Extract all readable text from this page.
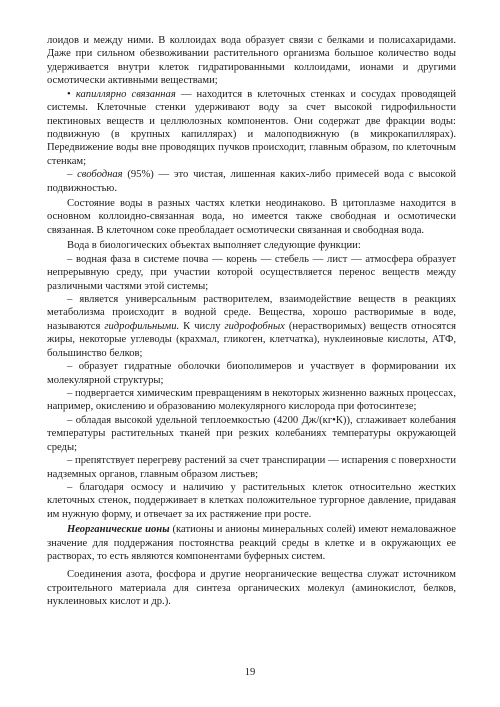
лоидов и между ними. В коллоидах вода образует связи с белками и полисахаридами. Даже при сильном обезвоживании растительного организма большое количество воды удерживается внутри клеток гидратированными коллоидами, ионами и другими осмотически активными веществами;

• капиллярно связанная — находится в клеточных стенках и сосудах проводящей системы. Клеточные стенки удерживают воду за счет высокой гидрофильности пектиновых веществ и целлюлозных компонентов. Они содержат две фракции воды: подвижную (в крупных капиллярах) и малоподвижную (в микрокапиллярах). Передвижение воды вне проводящих пучков происходит, главным образом, по клеточным стенкам;

– свободная (95%) — это чистая, лишенная каких-либо примесей вода с высокой подвижностью.

Состояние воды в разных частях клетки неодинаково. В цитоплазме находится в основном коллоидно-связанная вода, но имеется также свободная и осмотически связанная. В клеточном соке преобладает осмотически связанная и свободная вода.

Вода в биологических объектах выполняет следующие функции:

– водная фаза в системе почва — корень — стебель — лист — атмосфера образует непрерывную среду, при участии которой осуществляется перенос веществ между различными частями этой системы;

– является универсальным растворителем, взаимодействие веществ в реакциях метаболизма происходит в водной среде. Вещества, хорошо растворимые в воде, называются гидрофильными. К числу гидрофобных (нерастворимых) веществ относятся жиры, некоторые углеводы (крахмал, гликоген, клетчатка), нуклеиновые кислоты, АТФ, большинство белков;

– образует гидратные оболочки биополимеров и участвует в формировании их молекулярной структуры;

– подвергается химическим превращениям в некоторых жизненно важных процессах, например, окислению и образованию молекулярного кислорода при фотосинтезе;

– обладая высокой удельной теплоемкостью (4200 Дж/(кг•К)), сглаживает колебания температуры растительных тканей при резких колебаниях температуры окружающей среды;

– препятствует перегреву растений за счет транспирации — испарения с поверхности надземных органов, главным образом листьев;

– благодаря осмосу и наличию у растительных клеток относительно жестких клеточных стенок, поддерживает в клетках положительное тургорное давление, придавая им нужную форму, и отвечает за их растяжение при росте.

Неорганические ионы (катионы и анионы минеральных солей) имеют немаловажное значение для поддержания постоянства реакций среды в клетке и в окружающих ее растворах, то есть являются компонентами буферных систем.

Соединения азота, фосфора и другие неорганические вещества служат источником строительного материала для синтеза органических молекул (аминокислот, белков, нуклеиновых кислот и др.).

19
